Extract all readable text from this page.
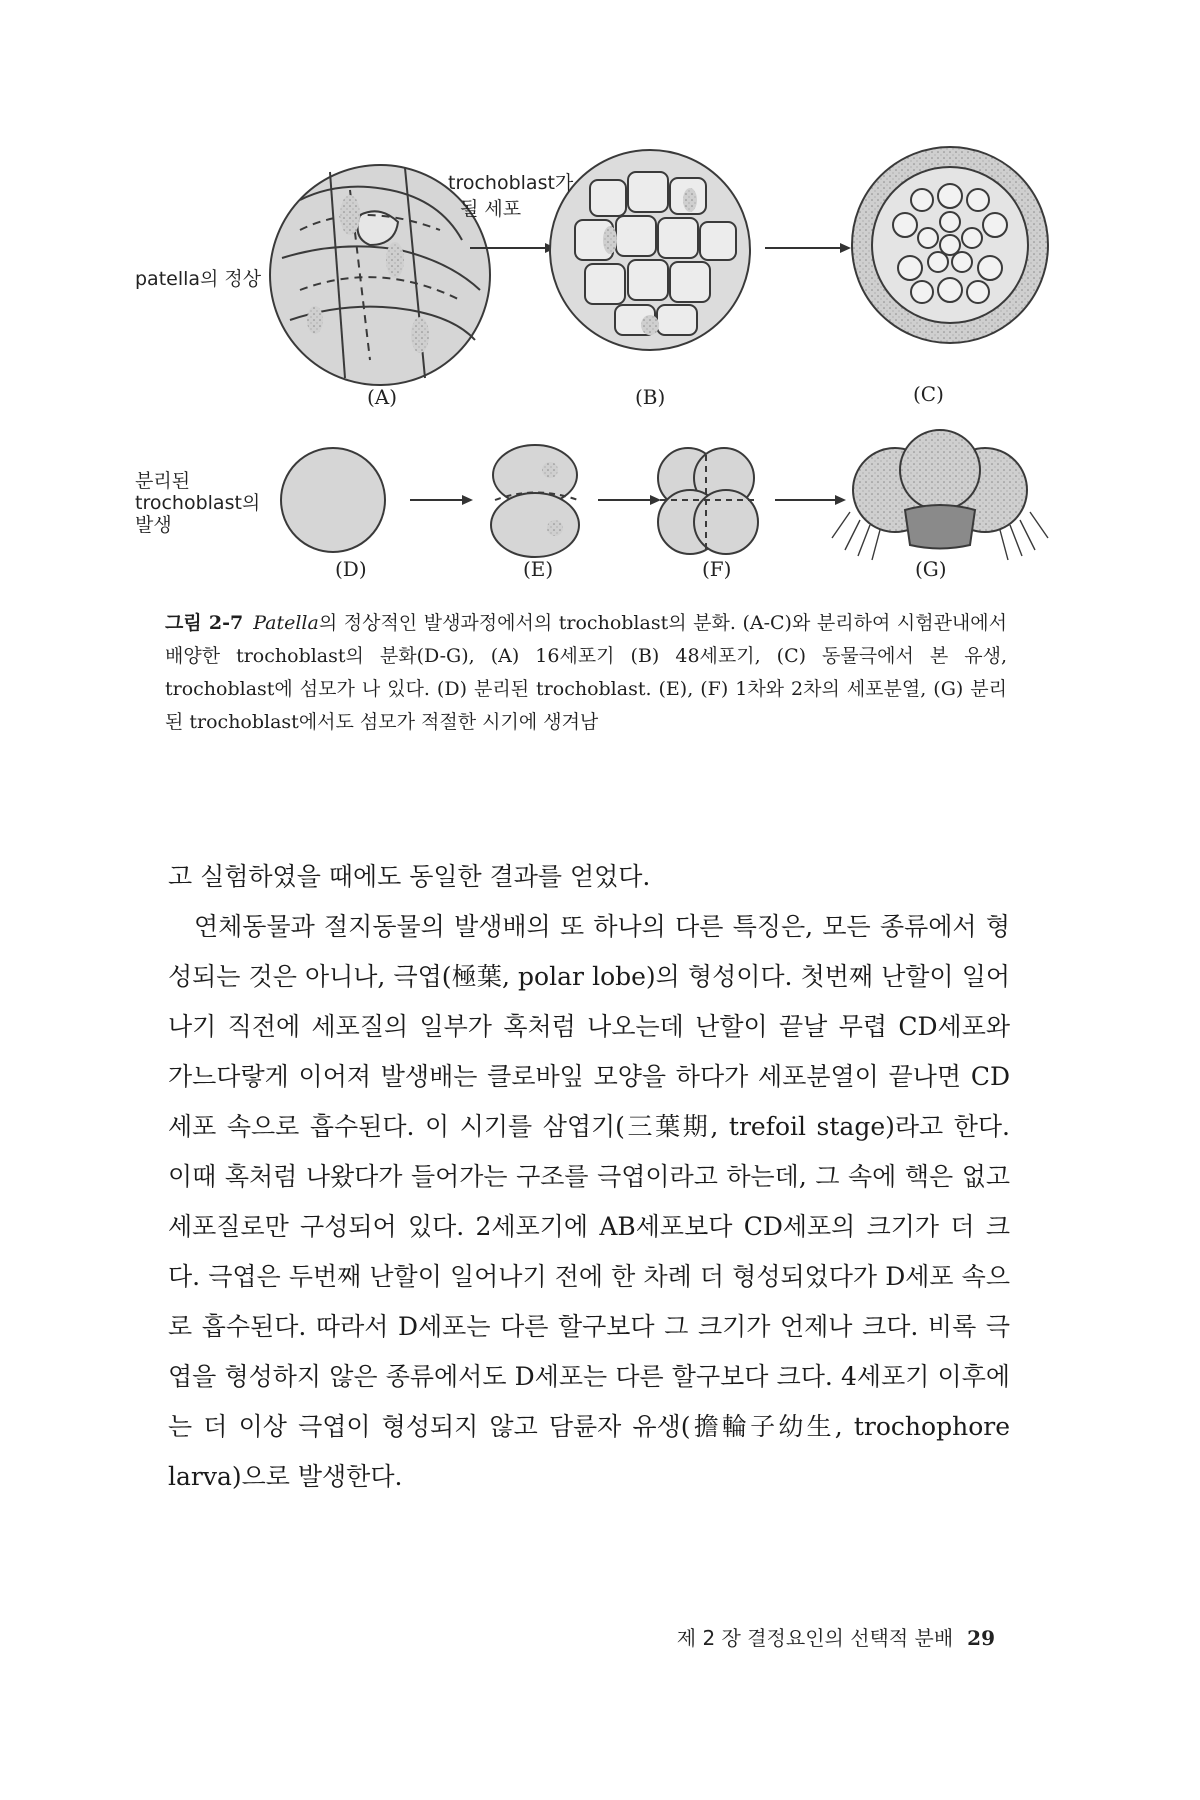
trochoblast가
될 세포
patella의 정상
분리된
trochoblast의
발생
(A)	(B)	(C)
(D)	(E)	(F)	(G)
그림 2-7 Patella의 정상적인 발생과정에서의 trochoblast의 분화. (A-C)와 분리하여 시험관내에서 배양한 trochoblast의 분화(D-G), (A) 16세포기 (B) 48세포기, (C) 동물극에서 본 유생, trochoblast에 섬모가 나 있다. (D) 분리된 trochoblast. (E), (F) 1차와 2차의 세포분열, (G) 분리된 trochoblast에서도 섬모가 적절한 시기에 생겨남

고 실험하였을 때에도 동일한 결과를 얻었다.

연체동물과 절지동물의 발생배의 또 하나의 다른 특징은, 모든 종류에서 형성되는 것은 아니나, 극엽(極葉, polar lobe)의 형성이다. 첫번째 난할이 일어나기 직전에 세포질의 일부가 혹처럼 나오는데 난할이 끝날 무렵 CD세포와 가느다랗게 이어져 발생배는 클로바잎 모양을 하다가 세포분열이 끝나면 CD세포 속으로 흡수된다. 이 시기를 삼엽기(三葉期, trefoil stage)라고 한다. 이때 혹처럼 나왔다가 들어가는 구조를 극엽이라고 하는데, 그 속에 핵은 없고 세포질로만 구성되어 있다. 2세포기에 AB세포보다 CD세포의 크기가 더 크다. 극엽은 두번째 난할이 일어나기 전에 한 차례 더 형성되었다가 D세포 속으로 흡수된다. 따라서 D세포는 다른 할구보다 그 크기가 언제나 크다. 비록 극엽을 형성하지 않은 종류에서도 D세포는 다른 할구보다 크다. 4세포기 이후에는 더 이상 극엽이 형성되지 않고 담륜자 유생(擔輪子幼生, trochophore larva)으로 발생한다.

제 2 장 결정요인의 선택적 분배 29
